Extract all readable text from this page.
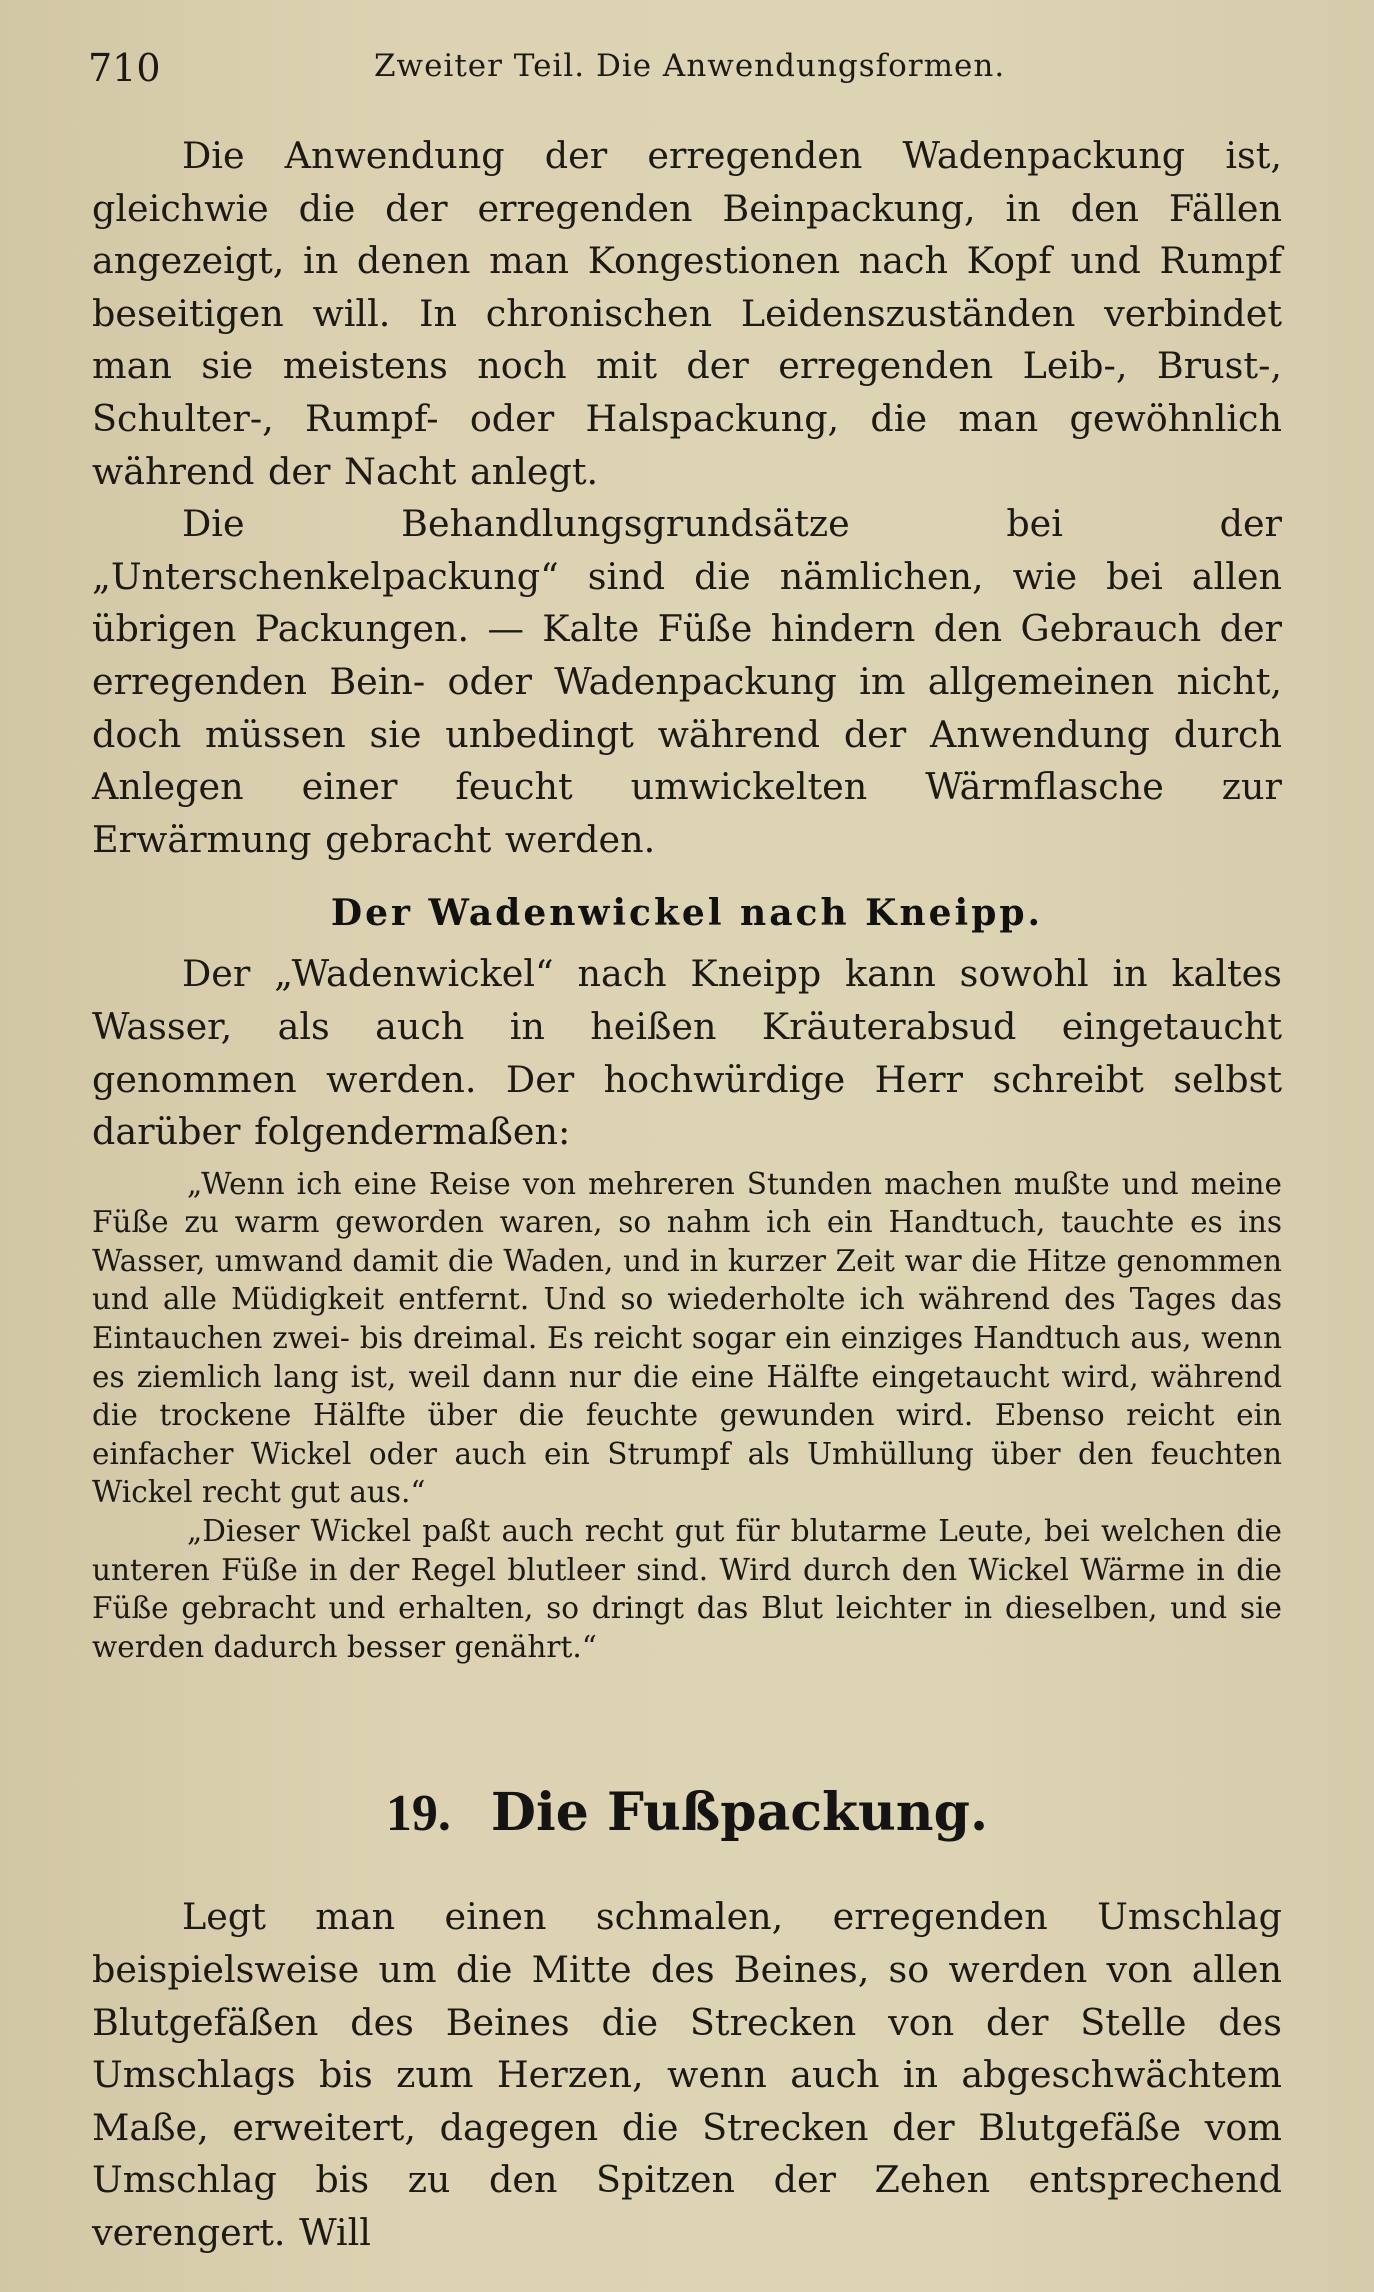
710	Zweiter Teil. Die Anwendungsformen.

Die Anwendung der erregenden Wadenpackung ist, gleichwie die der erregenden Beinpackung, in den Fällen angezeigt, in denen man Kongestionen nach Kopf und Rumpf beseitigen will. In chronischen Leidenszuständen verbindet man sie meistens noch mit der erregenden Leib-, Brust-, Schulter-, Rumpf- oder Halspackung, die man gewöhnlich während der Nacht anlegt.

Die Behandlungsgrundsätze bei der „Unterschenkelpackung“ sind die nämlichen, wie bei allen übrigen Packungen. — Kalte Füße hindern den Gebrauch der erregenden Bein- oder Wadenpackung im allgemeinen nicht, doch müssen sie unbedingt während der Anwendung durch Anlegen einer feucht umwickelten Wärmflasche zur Erwärmung gebracht werden.

Der Wadenwickel nach Kneipp.

Der „Wadenwickel“ nach Kneipp kann sowohl in kaltes Wasser, als auch in heißen Kräuterabsud eingetaucht genommen werden. Der hochwürdige Herr schreibt selbst darüber folgendermaßen:

„Wenn ich eine Reise von mehreren Stunden machen mußte und meine Füße zu warm geworden waren, so nahm ich ein Handtuch, tauchte es ins Wasser, umwand damit die Waden, und in kurzer Zeit war die Hitze genommen und alle Müdigkeit entfernt. Und so wiederholte ich während des Tages das Eintauchen zwei- bis dreimal. Es reicht sogar ein einziges Handtuch aus, wenn es ziemlich lang ist, weil dann nur die eine Hälfte eingetaucht wird, während die trockene Hälfte über die feuchte gewunden wird. Ebenso reicht ein einfacher Wickel oder auch ein Strumpf als Umhüllung über den feuchten Wickel recht gut aus.“

„Dieser Wickel paßt auch recht gut für blutarme Leute, bei welchen die unteren Füße in der Regel blutleer sind. Wird durch den Wickel Wärme in die Füße gebracht und erhalten, so dringt das Blut leichter in dieselben, und sie werden dadurch besser genährt.“

19. Die Fußpackung.

Legt man einen schmalen, erregenden Umschlag beispielsweise um die Mitte des Beines, so werden von allen Blutgefäßen des Beines die Strecken von der Stelle des Umschlags bis zum Herzen, wenn auch in abgeschwächtem Maße, erweitert, dagegen die Strecken der Blutgefäße vom Umschlag bis zu den Spitzen der Zehen entsprechend verengert. Will
